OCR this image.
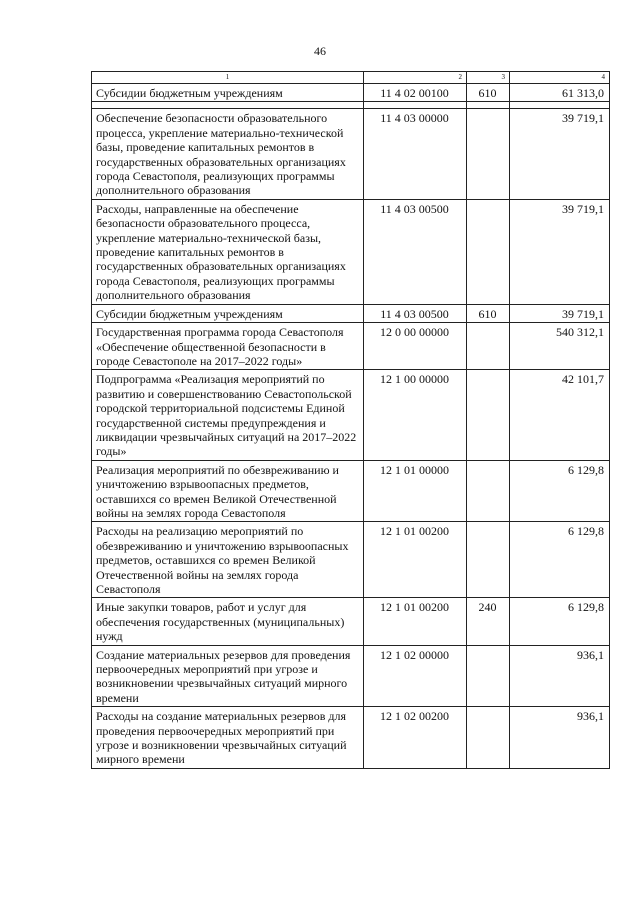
46
1	2	3	4
Субсидии бюджетным учреждениям	11 4 02 00100	610	61 313,0

Обеспечение безопасности образовательного процесса, укрепление материально-технической базы, проведение капитальных ремонтов в государственных образовательных организациях города Севастополя, реализующих программы дополнительного образования	11 4 03 00000		39 719,1
Расходы, направленные на обеспечение безопасности образовательного процесса, укрепление материально-технической базы, проведение капитальных ремонтов в государственных образовательных организациях города Севастополя, реализующих программы дополнительного образования	11 4 03 00500		39 719,1
Субсидии бюджетным учреждениям	11 4 03 00500	610	39 719,1
Государственная программа города Севастополя «Обеспечение общественной безопасности в городе Севастополе на 2017–2022 годы»	12 0 00 00000		540 312,1
Подпрограмма «Реализация мероприятий по развитию и совершенствованию Севастопольской городской территориальной подсистемы Единой государственной системы предупреждения и ликвидации чрезвычайных ситуаций на 2017–2022 годы»	12 1 00 00000		42 101,7
Реализация мероприятий по обезвреживанию и уничтожению взрывоопасных предметов, оставшихся со времен Великой Отечественной войны на землях города Севастополя	12 1 01 00000		6 129,8
Расходы на реализацию мероприятий по обезвреживанию и уничтожению взрывоопасных предметов, оставшихся со времен Великой Отечественной войны на землях города Севастополя	12 1 01 00200		6 129,8
Иные закупки товаров, работ и услуг для обеспечения государственных (муниципальных) нужд	12 1 01 00200	240	6 129,8
Создание материальных резервов для проведения первоочередных мероприятий при угрозе и возникновении чрезвычайных ситуаций мирного времени	12 1 02 00000		936,1
Расходы на создание материальных резервов для проведения первоочередных мероприятий при угрозе и возникновении чрезвычайных ситуаций мирного времени	12 1 02 00200		936,1
